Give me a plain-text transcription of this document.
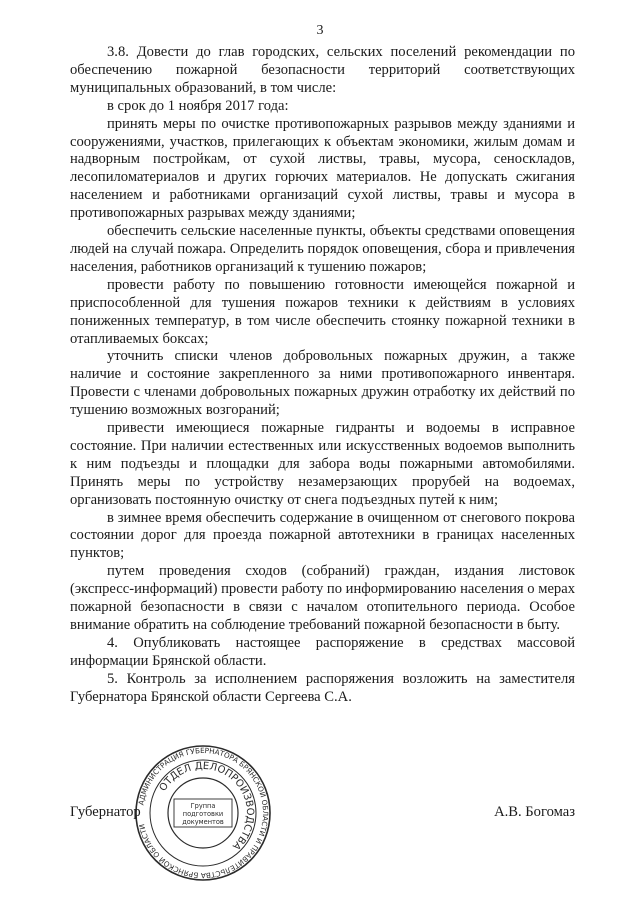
3

3.8. Довести до глав городских, сельских поселений рекомендации по обеспечению пожарной безопасности территорий соответствующих муниципальных образований, в том числе:

в срок до 1 ноября 2017 года:

принять меры по очистке противопожарных разрывов между зданиями и сооружениями, участков, прилегающих к объектам экономики, жилым домам и надворным постройкам, от сухой листвы, травы, мусора, сеноскладов, лесопиломатериалов и других горючих материалов. Не допускать сжигания населением и работниками организаций сухой листвы, травы и мусора в противопожарных разрывах между зданиями;

обеспечить сельские населенные пункты, объекты средствами оповещения людей на случай пожара. Определить порядок оповещения, сбора и привлечения населения, работников организаций к тушению пожаров;

провести работу по повышению готовности имеющейся пожарной и приспособленной для тушения пожаров техники к действиям в условиях пониженных температур, в том числе обеспечить стоянку пожарной техники в отапливаемых боксах;

уточнить списки членов добровольных пожарных дружин, а также наличие и состояние закрепленного за ними противопожарного инвентаря. Провести с членами добровольных пожарных дружин отработку их действий по тушению возможных возгораний;

привести имеющиеся пожарные гидранты и водоемы в исправное состояние. При наличии естественных или искусственных водоемов выполнить к ним подъезды и площадки для забора воды пожарными автомобилями. Принять меры по устройству незамерзающих прорубей на водоемах, организовать постоянную очистку от снега подъездных путей к ним;

в зимнее время обеспечить содержание в очищенном от снегового покрова состоянии дорог для проезда пожарной автотехники в границах населенных пунктов;

путем проведения сходов (собраний) граждан, издания листовок (экспресс-информаций) провести работу по информированию населения о мерах пожарной безопасности в связи с началом отопительного периода. Особое внимание обратить на соблюдение требований пожарной безопасности в быту.

4. Опубликовать настоящее распоряжение в средствах массовой информации Брянской области.

5. Контроль за исполнением распоряжения возложить на заместителя Губернатора Брянской области Сергеева С.А.

Губернатор	А.В. Богомаз
АДМИНИСТРАЦИЯ ГУБЕРНАТОРА БРЯНСКОЙ ОБЛАСТИ И ПРАВИТЕЛЬСТВА БРЯНСКОЙ ОБЛАСТИ
ОТДЕЛ ДЕЛОПРОИЗВОДСТВА
Группа
подготовки
документов
